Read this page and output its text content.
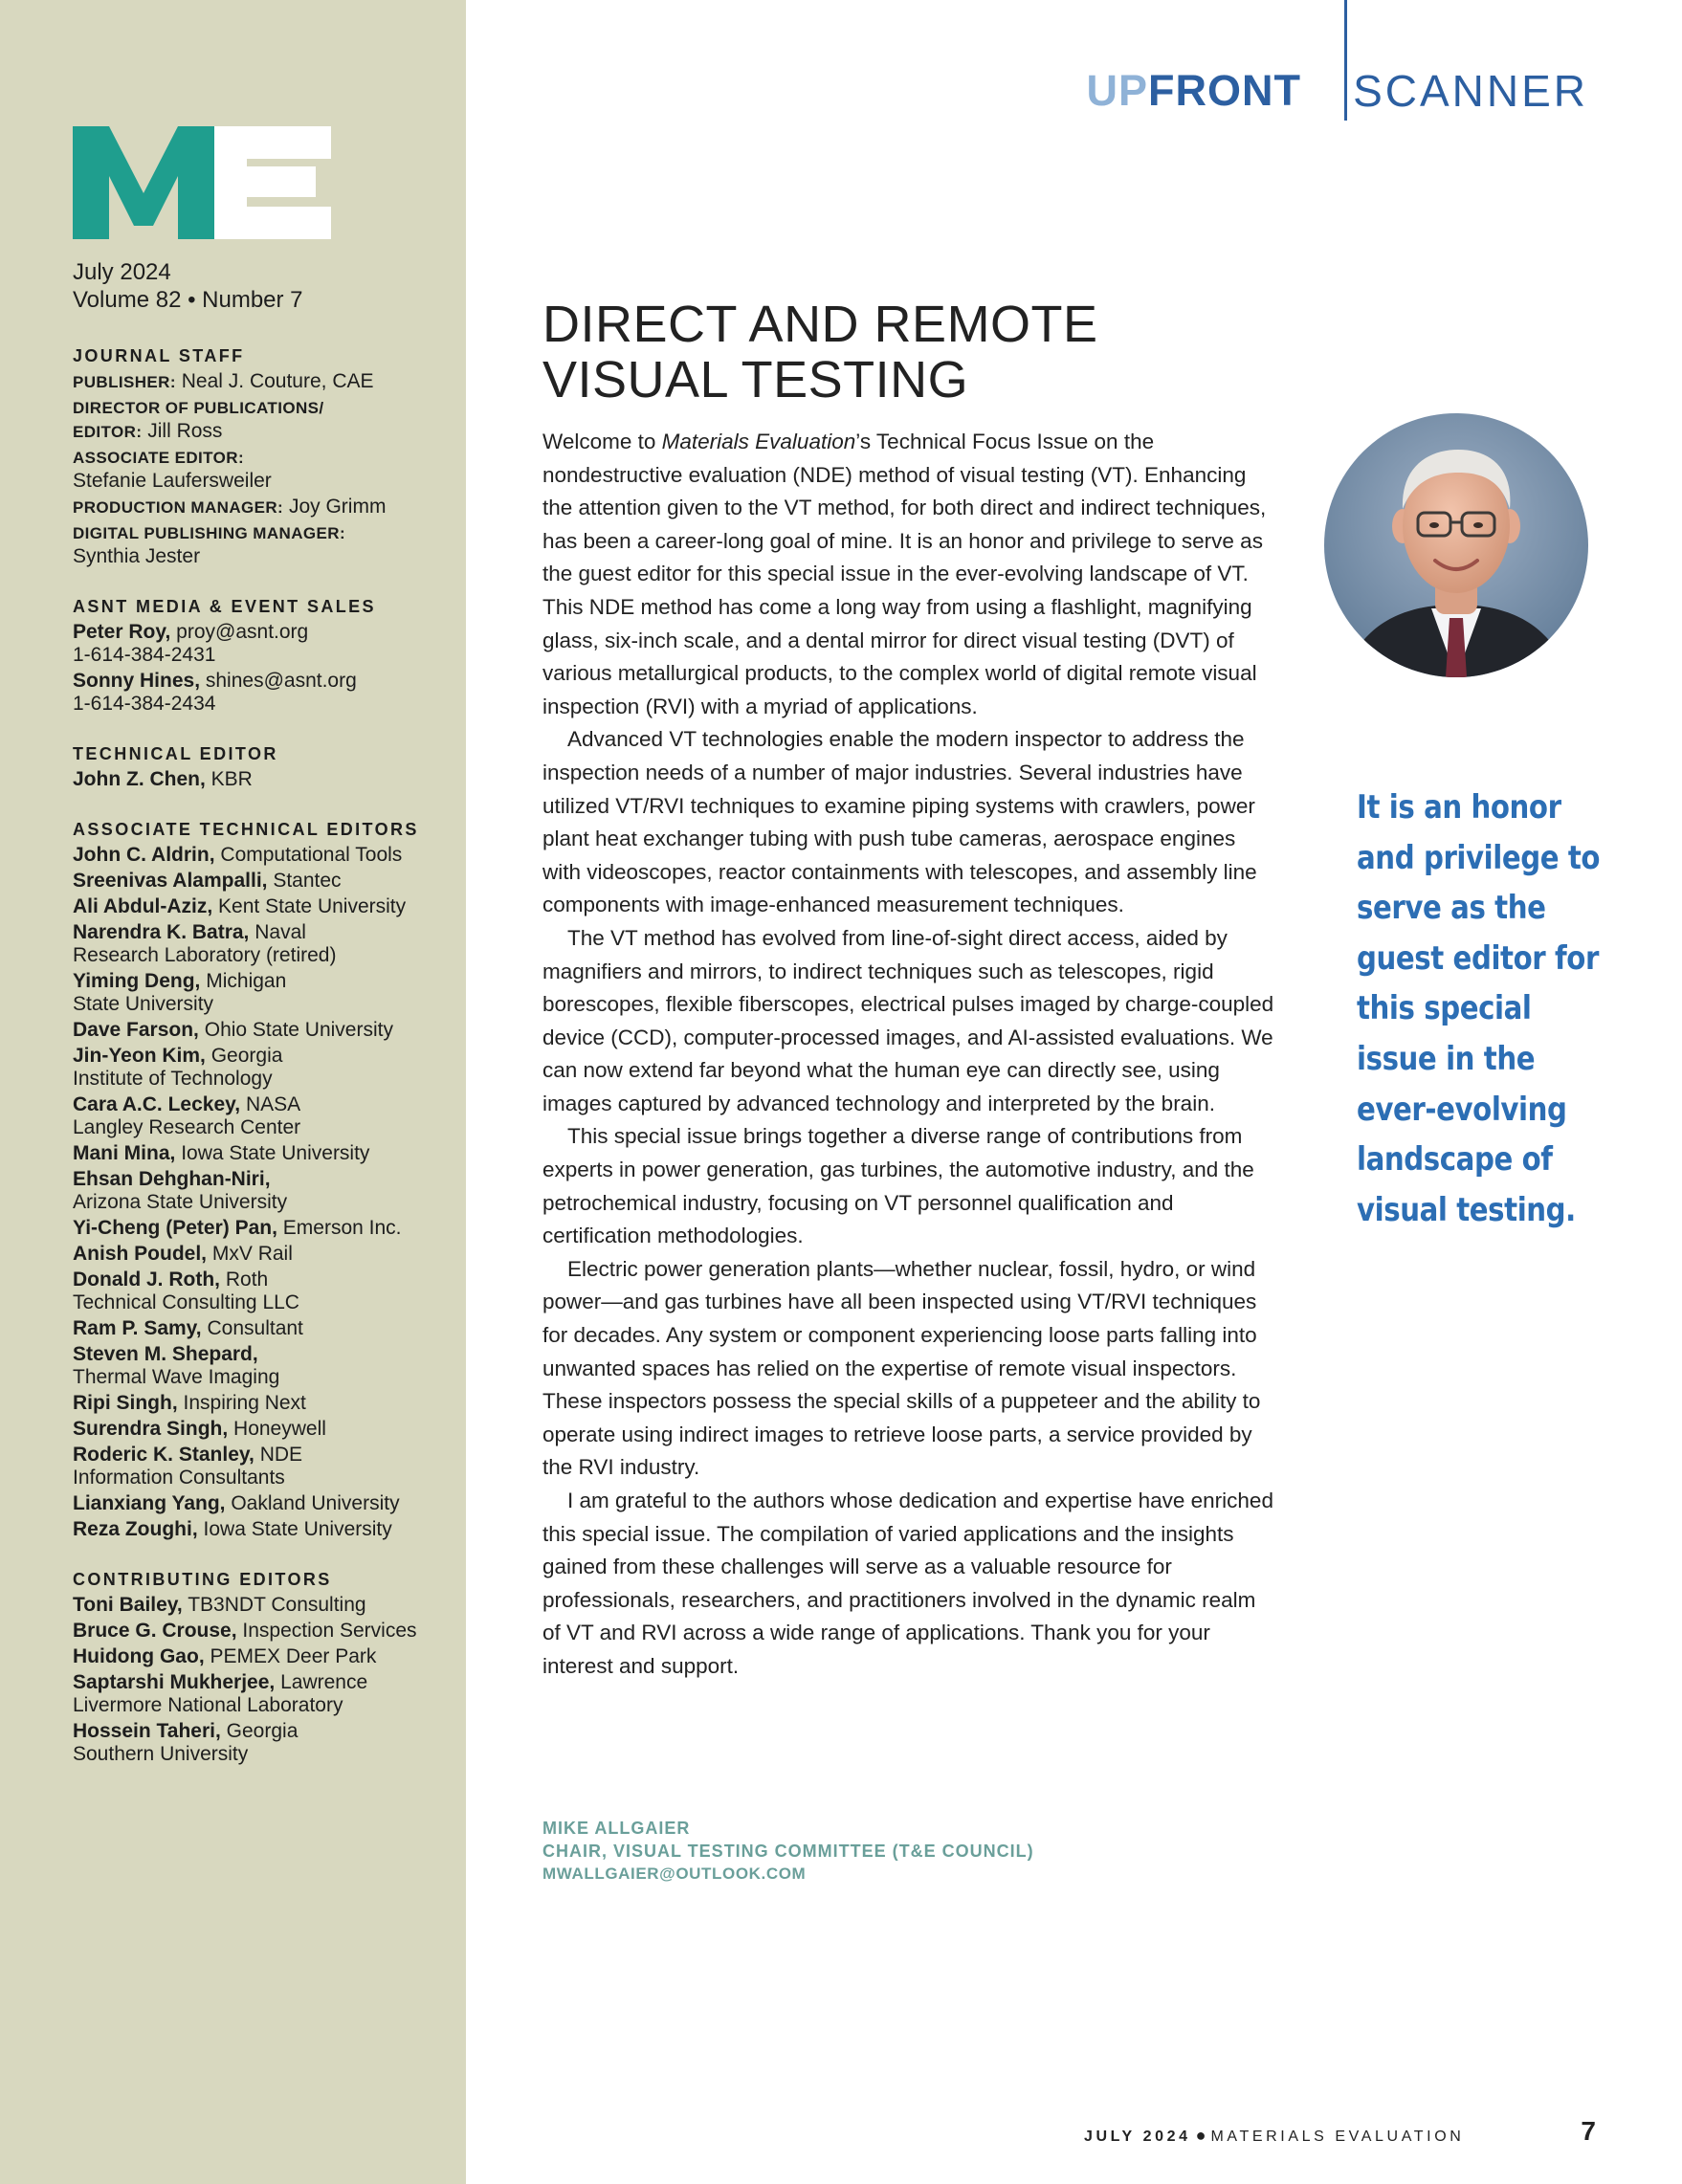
July 2024
Volume 82 • Number 7
JOURNAL STAFF
PUBLISHER: Neal J. Couture, CAE
DIRECTOR OF PUBLICATIONS/
EDITOR: Jill Ross
ASSOCIATE EDITOR:
Stefanie Laufersweiler
PRODUCTION MANAGER: Joy Grimm
DIGITAL PUBLISHING MANAGER:
Synthia Jester
ASNT MEDIA & EVENT SALES
Peter Roy, proy@asnt.org
1-614-384-2431
Sonny Hines, shines@asnt.org
1-614-384-2434
TECHNICAL EDITOR
John Z. Chen, KBR
ASSOCIATE TECHNICAL EDITORS
John C. Aldrin, Computational Tools
Sreenivas Alampalli, Stantec
Ali Abdul-Aziz, Kent State University
Narendra K. Batra, Naval
Research Laboratory (retired)
Yiming Deng, Michigan
State University
Dave Farson, Ohio State University
Jin-Yeon Kim, Georgia
Institute of Technology
Cara A.C. Leckey, NASA
Langley Research Center
Mani Mina, Iowa State University
Ehsan Dehghan-Niri,
Arizona State University
Yi-Cheng (Peter) Pan, Emerson Inc.
Anish Poudel, MxV Rail
Donald J. Roth, Roth
Technical Consulting LLC
Ram P. Samy, Consultant
Steven M. Shepard,
Thermal Wave Imaging
Ripi Singh, Inspiring Next
Surendra Singh, Honeywell
Roderic K. Stanley, NDE
Information Consultants
Lianxiang Yang, Oakland University
Reza Zoughi, Iowa State University
CONTRIBUTING EDITORS
Toni Bailey, TB3NDT Consulting
Bruce G. Crouse, Inspection Services
Huidong Gao, PEMEX Deer Park
Saptarshi Mukherjee, Lawrence
Livermore National Laboratory
Hossein Taheri, Georgia
Southern University
UPFRONT SCANNER
DIRECT AND REMOTE
VISUAL TESTING

Welcome to Materials Evaluation’s Technical Focus Issue on the nondestructive evaluation (NDE) method of visual testing (VT). Enhancing the attention given to the VT method, for both direct and indirect techniques, has been a career-long goal of mine. It is an honor and privilege to serve as the guest editor for this special issue in the ever-evolving landscape of VT. This NDE method has come a long way from using a flashlight, magnifying glass, six-inch scale, and a dental mirror for direct visual testing (DVT) of various metallurgical products, to the complex world of digital remote visual inspection (RVI) with a myriad of applications.

Advanced VT technologies enable the modern inspector to address the inspection needs of a number of major industries. Several industries have utilized VT/RVI techniques to examine piping systems with crawlers, power plant heat exchanger tubing with push tube cameras, aerospace engines with videoscopes, reactor containments with telescopes, and assembly line components with image-enhanced measurement techniques.

The VT method has evolved from line-of-sight direct access, aided by magnifiers and mirrors, to indirect techniques such as telescopes, rigid borescopes, flexible fiberscopes, electrical pulses imaged by charge-coupled device (CCD), computer-processed images, and AI-assisted evaluations. We can now extend far beyond what the human eye can directly see, using images captured by advanced technology and interpreted by the brain.

This special issue brings together a diverse range of contributions from experts in power generation, gas turbines, the automotive industry, and the petrochemical industry, focusing on VT personnel qualification and certification methodologies.

Electric power generation plants—whether nuclear, fossil, hydro, or wind power—and gas turbines have all been inspected using VT/RVI techniques for decades. Any system or component experiencing loose parts falling into unwanted spaces has relied on the expertise of remote visual inspectors. These inspectors possess the special skills of a puppeteer and the ability to operate using indirect images to retrieve loose parts, a service provided by the RVI industry.

I am grateful to the authors whose dedication and expertise have enriched this special issue. The compilation of varied applications and the insights gained from these challenges will serve as a valuable resource for professionals, researchers, and practitioners involved in the dynamic realm of VT and RVI across a wide range of applications. Thank you for your interest and support.

MIKE ALLGAIER
CHAIR, VISUAL TESTING COMMITTEE (T&E COUNCIL)
MWALLGAIER@OUTLOOK.COM
It is an honor and privilege to serve as the guest editor for this special issue in the ever-evolving landscape of visual testing.
JULY 2024 ● MATERIALS EVALUATION	7
